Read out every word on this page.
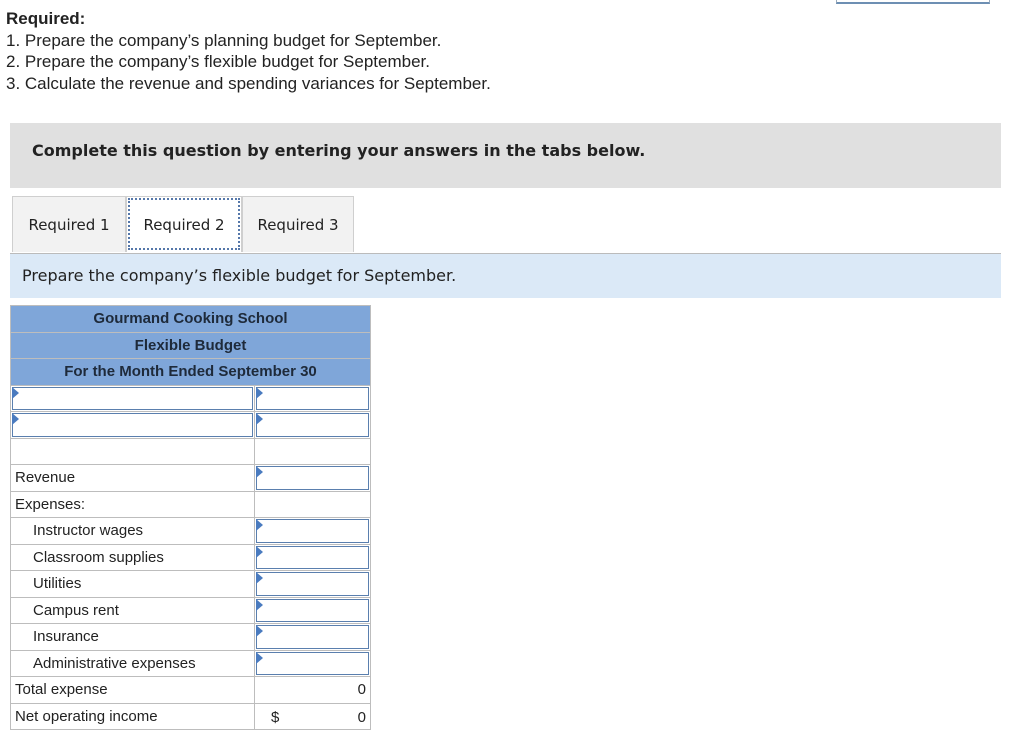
Required:
1. Prepare the company’s planning budget for September.
2. Prepare the company’s flexible budget for September.
3. Calculate the revenue and spending variances for September.
Complete this question by entering your answers in the tabs below.
Required 1	Required 2	Required 3
Prepare the company’s flexible budget for September.
Gourmand Cooking School	
Flexible Budget	
For the Month Ended September 30	

Revenue	

Expenses:	
Instructor wages	

Classroom supplies	

Utilities	

Campus rent	

Insurance	

Administrative expenses	

Total expense	0
Net operating income	$ 0
